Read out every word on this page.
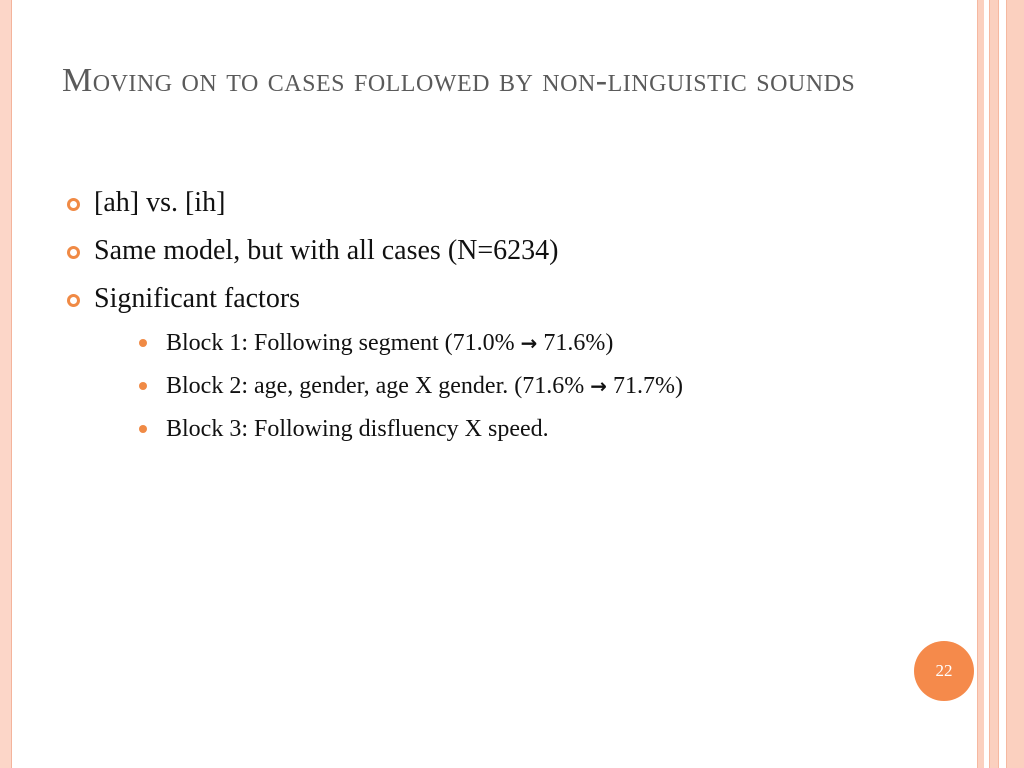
Moving on to cases followed by non-linguistic sounds
[ah] vs. [ih]
Same model, but with all cases (N=6234)
Significant factors
Block 1: Following segment (71.0% → 71.6%)
Block 2: age, gender, age X gender. (71.6% → 71.7%)
Block 3: Following disfluency X speed.
22
